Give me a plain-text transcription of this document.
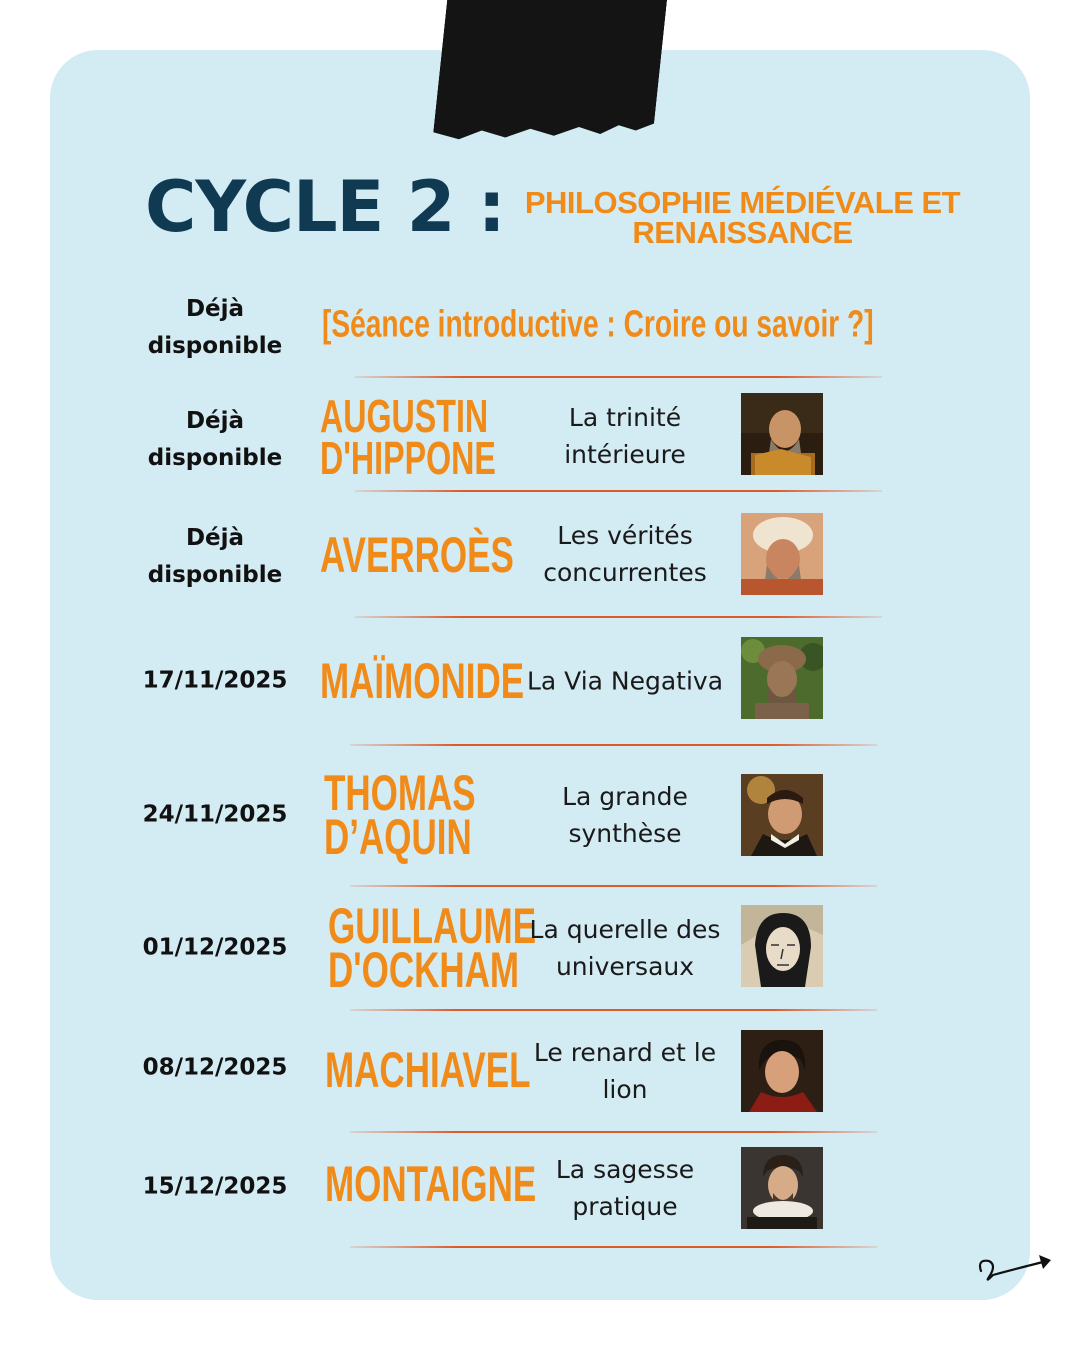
CYCLE 2 : PHILOSOPHIE MÉDIÉVALE ET RENAISSANCE
Déjà disponible
[Séance introductive : Croire ou savoir ?]
Déjà disponible
AUGUSTIN D'HIPPONE
La trinité intérieure
Déjà disponible AVERROÈS	Les vérités concurrentes
17/11/2025 MAÏMONIDE La Via Negativa
24/11/2025 THOMAS D’AQUIN
La grande synthèse
01/12/2025 GUILLAUME D'OCKHAM
La querelle des universaux
08/12/2025 MACHIAVEL Le renard et le lion
15/12/2025 MONTAIGNE La sagesse pratique
